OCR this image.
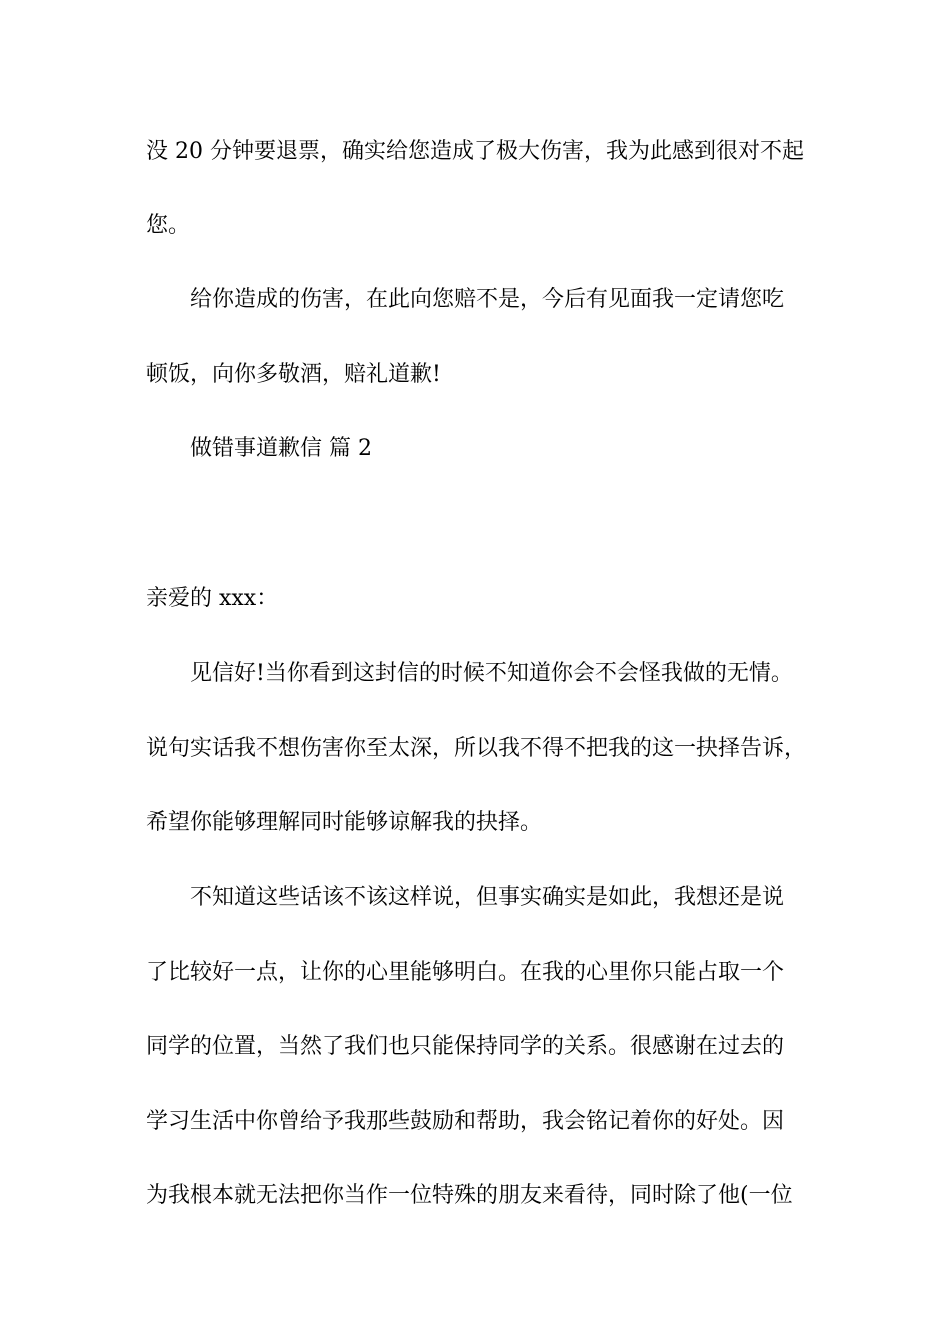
没 20 分钟要退票，确实给您造成了极大伤害，我为此感到很对不起
您。
给你造成的伤害，在此向您赔不是，今后有见面我一定请您吃
顿饭，向你多敬酒，赔礼道歉!
做错事道歉信 篇 2
亲爱的 xxx：
见信好!当你看到这封信的时候不知道你会不会怪我做的无情。
说句实话我不想伤害你至太深，所以我不得不把我的这一抉择告诉，
希望你能够理解同时能够谅解我的抉择。
不知道这些话该不该这样说，但事实确实是如此，我想还是说
了比较好一点，让你的心里能够明白。在我的心里你只能占取一个
同学的位置，当然了我们也只能保持同学的关系。很感谢在过去的
学习生活中你曾给予我那些鼓励和帮助，我会铭记着你的好处。因
为我根本就无法把你当作一位特殊的朋友来看待，同时除了他(一位
